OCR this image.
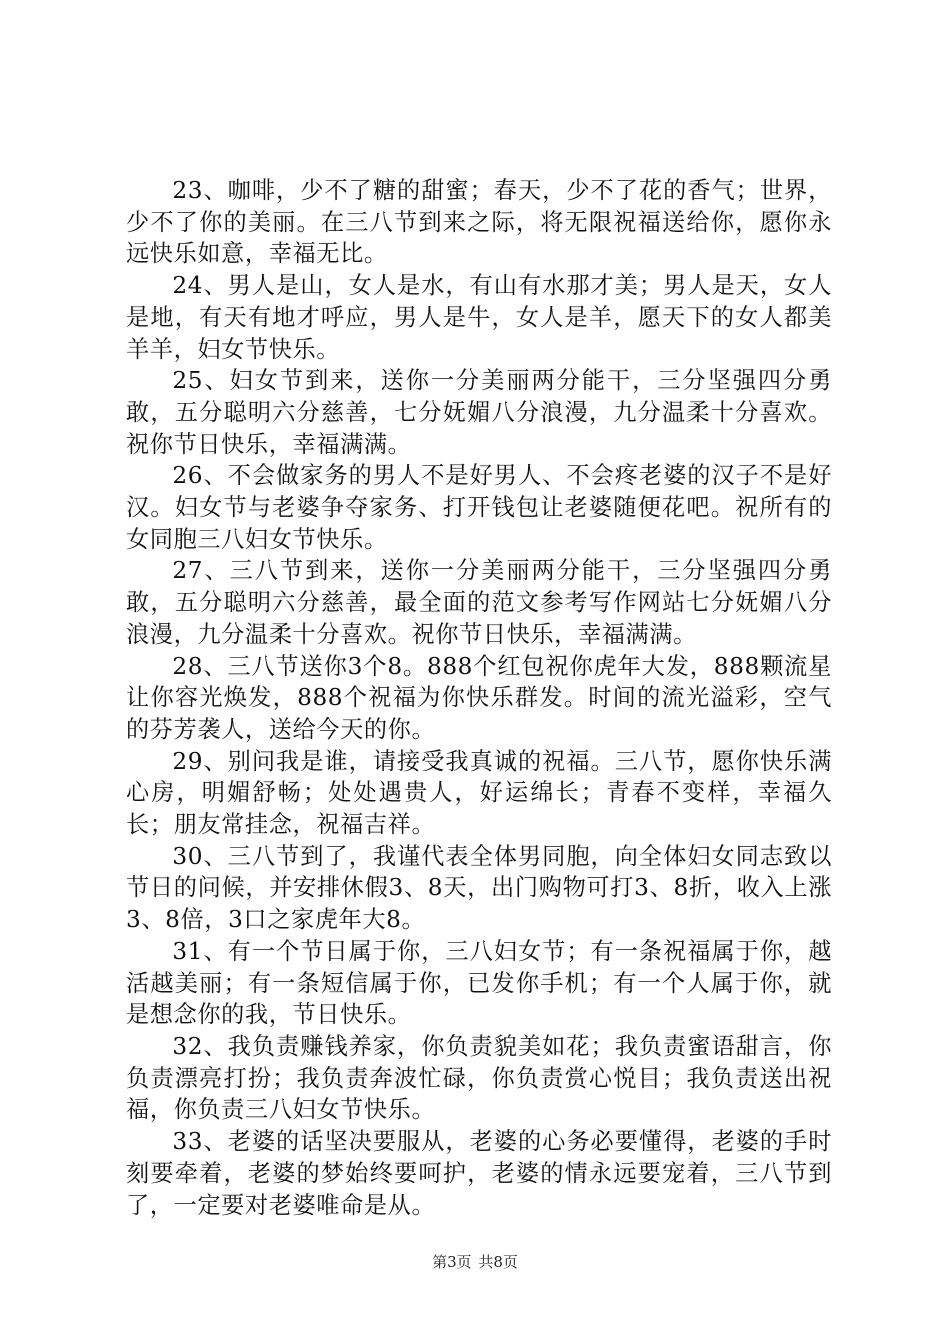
23、咖啡，少不了糖的甜蜜；春天，少不了花的香气；世界，少不了你的美丽。在三八节到来之际，将无限祝福送给你，愿你永远快乐如意，幸福无比。

24、男人是山，女人是水，有山有水那才美；男人是天，女人是地，有天有地才呼应，男人是牛，女人是羊，愿天下的女人都美羊羊，妇女节快乐。

25、妇女节到来，送你一分美丽两分能干，三分坚强四分勇敢，五分聪明六分慈善，七分妩媚八分浪漫，九分温柔十分喜欢。祝你节日快乐，幸福满满。

26、不会做家务的男人不是好男人、不会疼老婆的汉子不是好汉。妇女节与老婆争夺家务、打开钱包让老婆随便花吧。祝所有的女同胞三八妇女节快乐。

27、三八节到来，送你一分美丽两分能干，三分坚强四分勇敢，五分聪明六分慈善，最全面的范文参考写作网站七分妩媚八分浪漫，九分温柔十分喜欢。祝你节日快乐，幸福满满。

28、三八节送你3个8。888个红包祝你虎年大发，888颗流星让你容光焕发，888个祝福为你快乐群发。时间的流光溢彩，空气的芬芳袭人，送给今天的你。

29、别问我是谁，请接受我真诚的祝福。三八节，愿你快乐满心房，明媚舒畅；处处遇贵人，好运绵长；青春不变样，幸福久长；朋友常挂念，祝福吉祥。

30、三八节到了，我谨代表全体男同胞，向全体妇女同志致以节日的问候，并安排休假3、8天，出门购物可打3、8折，收入上涨3、8倍，3口之家虎年大8。

31、有一个节日属于你，三八妇女节；有一条祝福属于你，越活越美丽；有一条短信属于你，已发你手机；有一个人属于你，就是想念你的我，节日快乐。

32、我负责赚钱养家，你负责貌美如花；我负责蜜语甜言，你负责漂亮打扮；我负责奔波忙碌，你负责赏心悦目；我负责送出祝福，你负责三八妇女节快乐。

33、老婆的话坚决要服从，老婆的心务必要懂得，老婆的手时刻要牵着，老婆的梦始终要呵护，老婆的情永远要宠着，三八节到了，一定要对老婆唯命是从。

第3页 共8页
